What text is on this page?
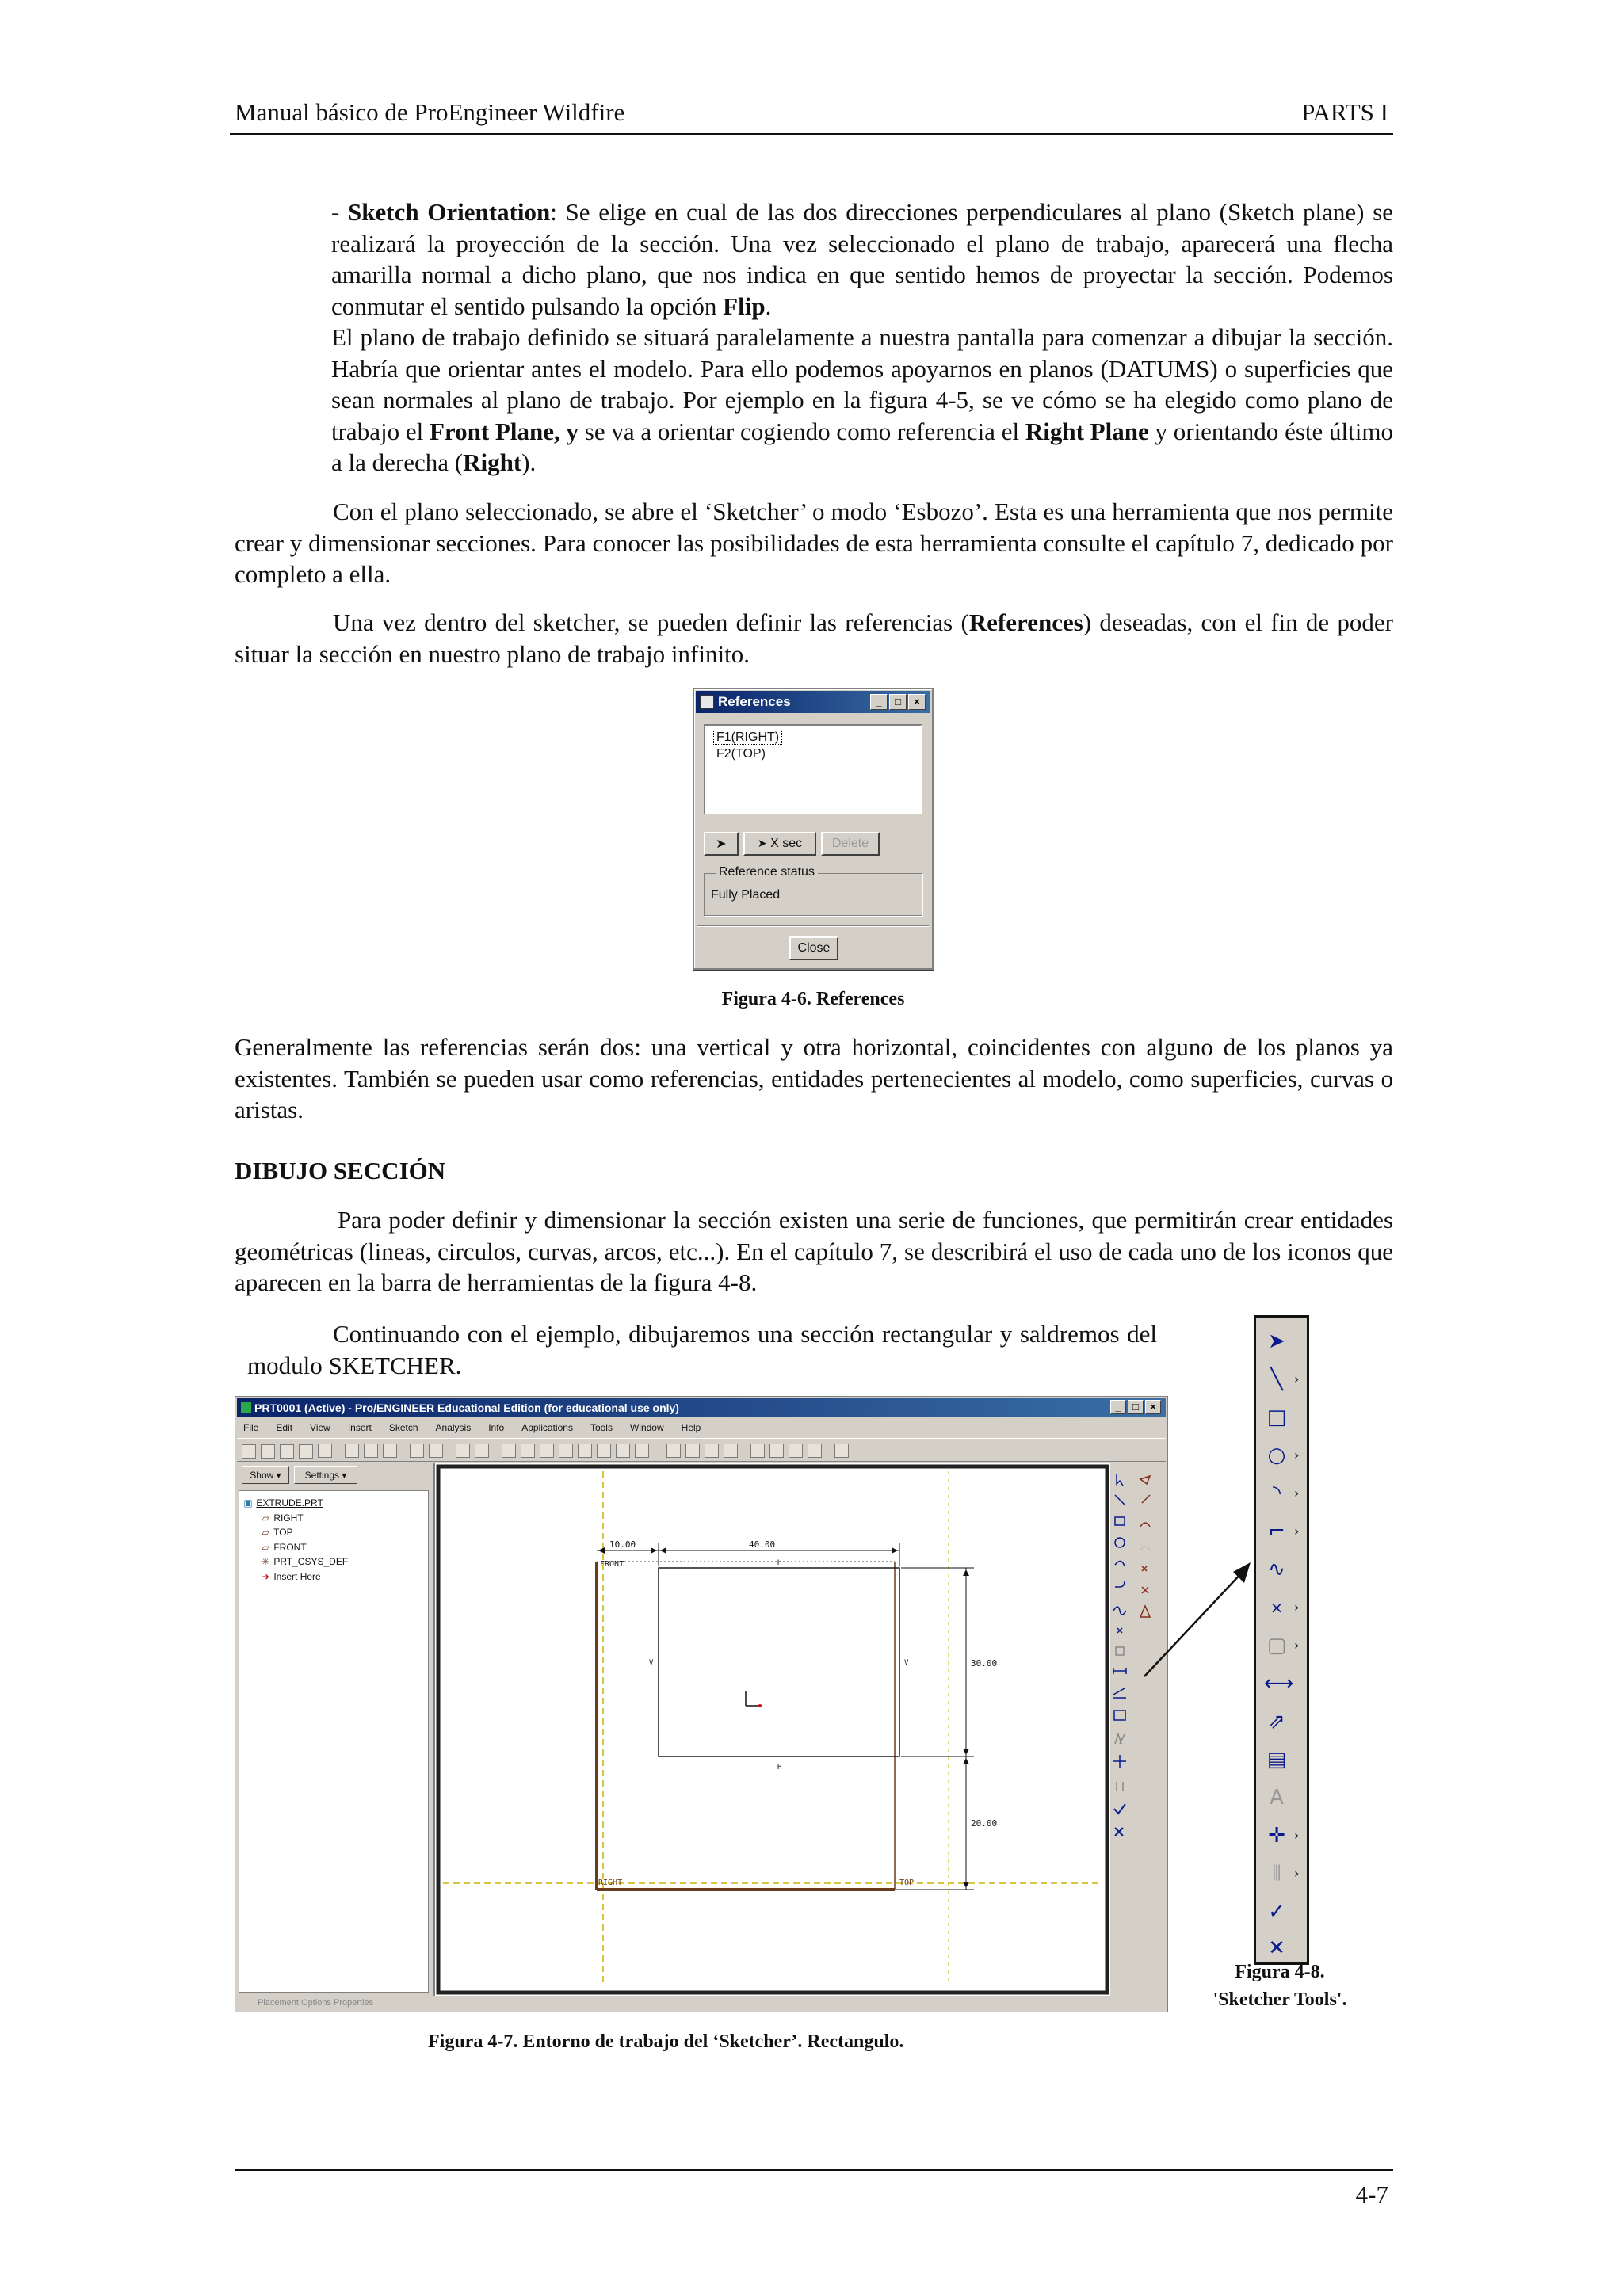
Manual básico de ProEngineer Wildfire	PARTS I
- Sketch Orientation: Se elige en cual de las dos direcciones perpendiculares al plano (Sketch plane) se realizará la proyección de la sección. Una vez seleccionado el plano de trabajo, aparecerá una flecha amarilla normal a dicho plano, que nos indica en que sentido hemos de proyectar la sección. Podemos conmutar el sentido pulsando la opción Flip.
El plano de trabajo definido se situará paralelamente a nuestra pantalla para comenzar a dibujar la sección. Habría que orientar antes el modelo. Para ello podemos apoyarnos en planos (DATUMS) o superficies que sean normales al plano de trabajo. Por ejemplo en la figura 4-5, se ve cómo se ha elegido como plano de trabajo el Front Plane, y se va a orientar cogiendo como referencia el Right Plane y orientando éste último a la derecha (Right).
Con el plano seleccionado, se abre el ‘Sketcher’ o modo ‘Esbozo’. Esta es una herramienta que nos permite crear y dimensionar secciones. Para conocer las posibilidades de esta herramienta consulte el capítulo 7, dedicado por completo a ella.
Una vez dentro del sketcher, se pueden definir las referencias (References) deseadas, con el fin de poder situar la sección en nuestro plano de trabajo infinito.
References	_	□	×
F1(RIGHT)
F2(TOP)
➤	➤ X sec	Delete
Reference status
Fully Placed
Close
Figura 4-6. References
Generalmente las referencias serán dos: una vertical y otra horizontal, coincidentes con alguno de los planos ya existentes. También se pueden usar como referencias, entidades pertenecientes al modelo, como superficies, curvas o aristas.
DIBUJO SECCIÓN
Para poder definir y dimensionar la sección existen una serie de funciones, que permitirán crear entidades geométricas (lineas, circulos, curvas, arcos, etc...). En el capítulo 7, se describirá el uso de cada uno de los iconos que aparecen en la barra de herramientas de la figura 4-8.
Continuando con el ejemplo, dibujaremos una sección rectangular y saldremos del modulo SKETCHER.
PRT0001 (Active) - Pro/ENGINEER Educational Edition (for educational use only)	_	□	×
File Edit View Insert Sketch Analysis Info Applications Tools Window Help
Show ▾	Settings ▾
▣ EXTRUDE.PRT
▱ RIGHT
▱ TOP
▱ FRONT
✳ PRT_CSYS_DEF
➜ Insert Here
10.00	40.00
30.00
20.00
FRONT
RIGHT	TOP
H
H
V	V
Placement Options Properties
Figura 4-7. Entorno de trabajo del ‘Sketcher’. Rectangulo.
➤
╲ ›
□
○ ›
◝	›
⌐ ›
∿
× ›
▢ ›
⟷
⇗
▤
A
✛ ›
⫴	›
✓
✕
Figura 4-8.
'Sketcher Tools'.
4-7
